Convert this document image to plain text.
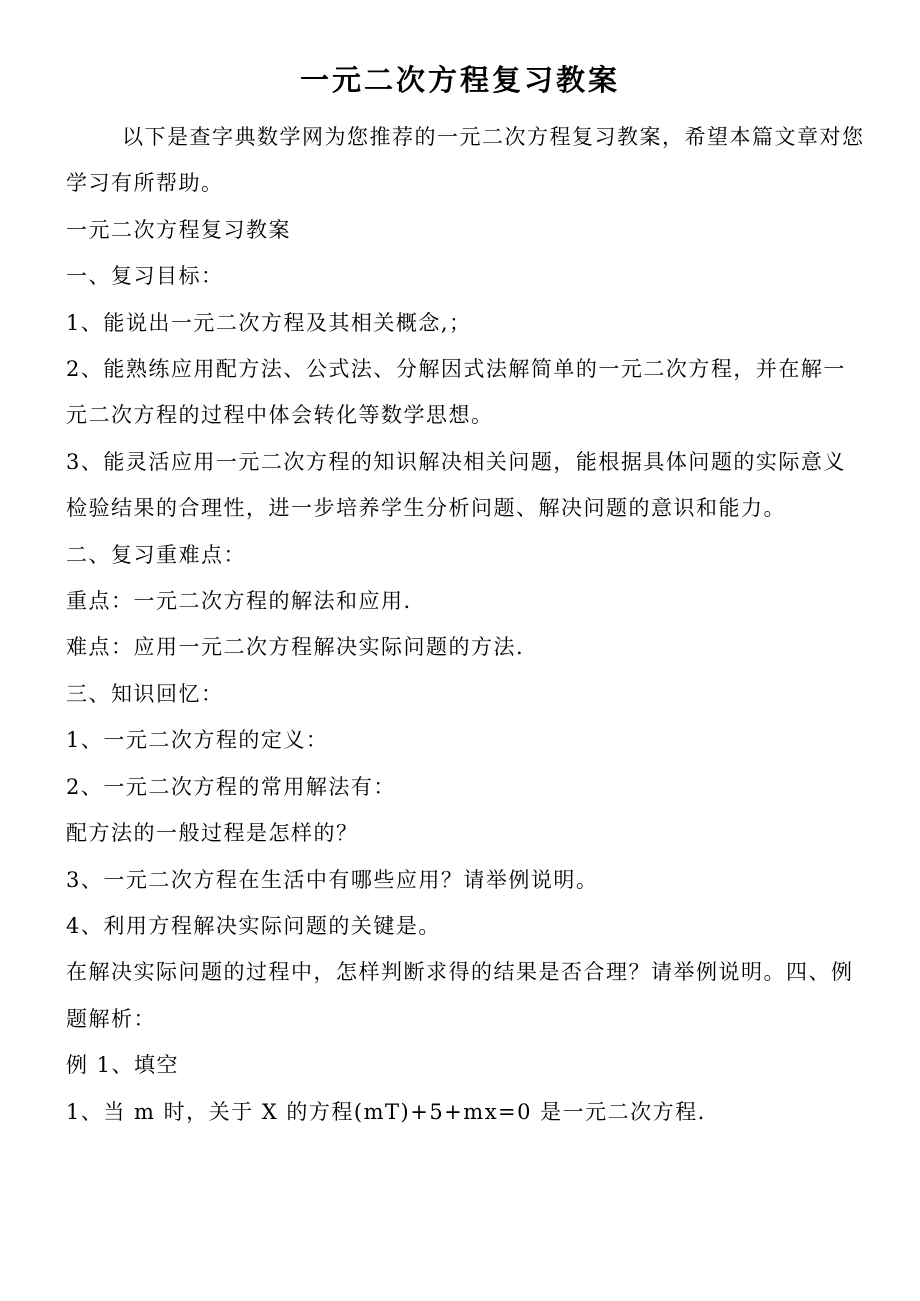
一元二次方程复习教案

以下是查字典数学网为您推荐的一元二次方程复习教案，希望本篇文章对您学习有所帮助。

一元二次方程复习教案

一、复习目标：

1、能说出一元二次方程及其相关概念,；

2、能熟练应用配方法、公式法、分解因式法解简单的一元二次方程，并在解一元二次方程的过程中体会转化等数学思想。

3、能灵活应用一元二次方程的知识解决相关问题，能根据具体问题的实际意义检验结果的合理性，进一步培养学生分析问题、解决问题的意识和能力。

二、复习重难点：

重点：一元二次方程的解法和应用.

难点：应用一元二次方程解决实际问题的方法.

三、知识回忆：

1、一元二次方程的定义：

2、一元二次方程的常用解法有：

配方法的一般过程是怎样的？

3、一元二次方程在生活中有哪些应用？请举例说明。

4、利用方程解决实际问题的关键是。

在解决实际问题的过程中，怎样判断求得的结果是否合理？请举例说明。四、例题解析：

例 1、填空

1、当 m 时，关于 X 的方程(mT)+5+mx=0 是一元二次方程.
